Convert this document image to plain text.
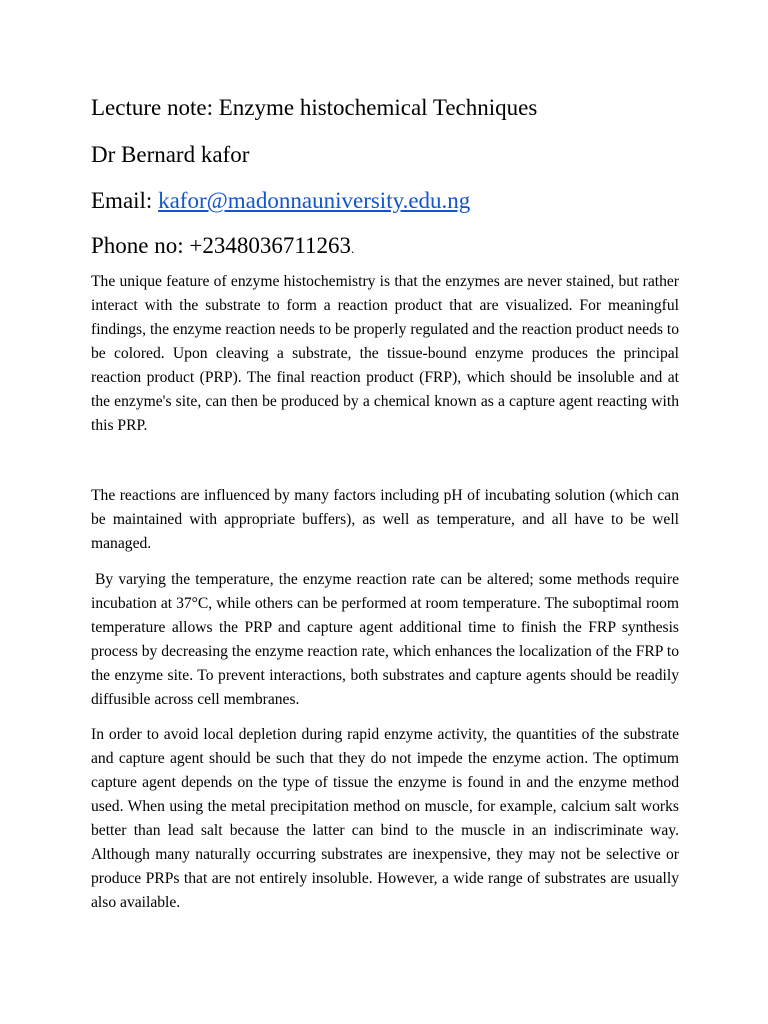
Lecture note: Enzyme histochemical Techniques

Dr Bernard kafor

Email: kafor@madonnauniversity.edu.ng

Phone no: +2348036711263.

The unique feature of enzyme histochemistry is that the enzymes are never stained, but rather interact with the substrate to form a reaction product that are visualized. For meaningful findings, the enzyme reaction needs to be properly regulated and the reaction product needs to be colored. Upon cleaving a substrate, the tissue-bound enzyme produces the principal reaction product (PRP). The final reaction product (FRP), which should be insoluble and at the enzyme's site, can then be produced by a chemical known as a capture agent reacting with this PRP.

The reactions are influenced by many factors including pH of incubating solution (which can be maintained with appropriate buffers), as well as temperature, and all have to be well managed.

By varying the temperature, the enzyme reaction rate can be altered; some methods require incubation at 37°C, while others can be performed at room temperature. The suboptimal room temperature allows the PRP and capture agent additional time to finish the FRP synthesis process by decreasing the enzyme reaction rate, which enhances the localization of the FRP to the enzyme site. To prevent interactions, both substrates and capture agents should be readily diffusible across cell membranes.

In order to avoid local depletion during rapid enzyme activity, the quantities of the substrate and capture agent should be such that they do not impede the enzyme action. The optimum capture agent depends on the type of tissue the enzyme is found in and the enzyme method used. When using the metal precipitation method on muscle, for example, calcium salt works better than lead salt because the latter can bind to the muscle in an indiscriminate way. Although many naturally occurring substrates are inexpensive, they may not be selective or produce PRPs that are not entirely insoluble. However, a wide range of substrates are usually also available.
